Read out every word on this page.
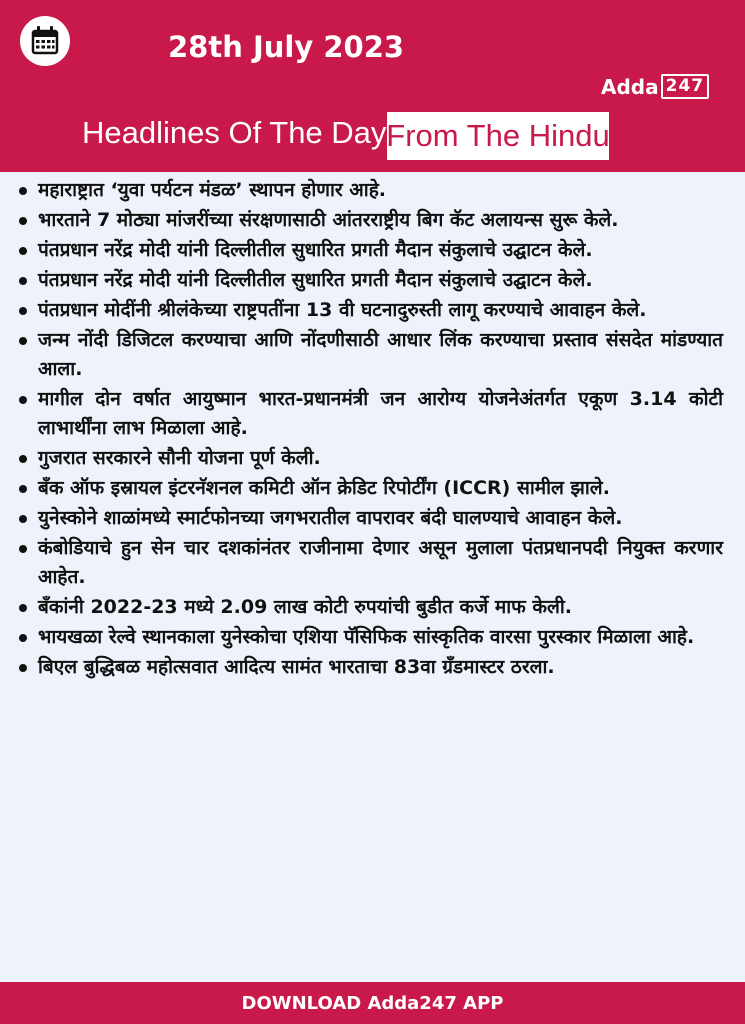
28th July 2023
Adda 247
Headlines Of The Day From The Hindu
महाराष्ट्रात ‘युवा पर्यटन मंडळ’ स्थापन होणार आहे.
भारताने 7 मोठ्या मांजरींच्या संरक्षणासाठी आंतरराष्ट्रीय बिग कॅट अलायन्स सुरू केले.
पंतप्रधान नरेंद्र मोदी यांनी दिल्लीतील सुधारित प्रगती मैदान संकुलाचे उद्घाटन केले.
पंतप्रधान नरेंद्र मोदी यांनी दिल्लीतील सुधारित प्रगती मैदान संकुलाचे उद्घाटन केले.
पंतप्रधान मोदींनी श्रीलंकेच्या राष्ट्रपतींना 13 वी घटनादुरुस्ती लागू करण्याचे आवाहन केले.
जन्म नोंदी डिजिटल करण्याचा आणि नोंदणीसाठी आधार लिंक करण्याचा प्रस्ताव संसदेत मांडण्यात आला.
मागील दोन वर्षात आयुष्मान भारत-प्रधानमंत्री जन आरोग्य योजनेअंतर्गत एकूण 3.14 कोटी लाभार्थींना लाभ मिळाला आहे.
गुजरात सरकारने सौनी योजना पूर्ण केली.
बँक ऑफ इस्रायल इंटरनॅशनल कमिटी ऑन क्रेडिट रिपोर्टींग (ICCR) सामील झाले.
युनेस्कोने शाळांमध्ये स्मार्टफोनच्या जगभरातील वापरावर बंदी घालण्याचे आवाहन केले.
कंबोडियाचे हुन सेन चार दशकांनंतर राजीनामा देणार असून मुलाला पंतप्रधानपदी नियुक्त करणार आहेत.
बँकांनी 2022-23 मध्ये 2.09 लाख कोटी रुपयांची बुडीत कर्जे माफ केली.
भायखळा रेल्वे स्थानकाला युनेस्कोचा एशिया पॅसिफिक सांस्कृतिक वारसा पुरस्कार मिळाला आहे.
बिएल बुद्धिबळ महोत्सवात आदित्य सामंत भारताचा 83वा ग्रँडमास्टर ठरला.
DOWNLOAD Adda247 APP
